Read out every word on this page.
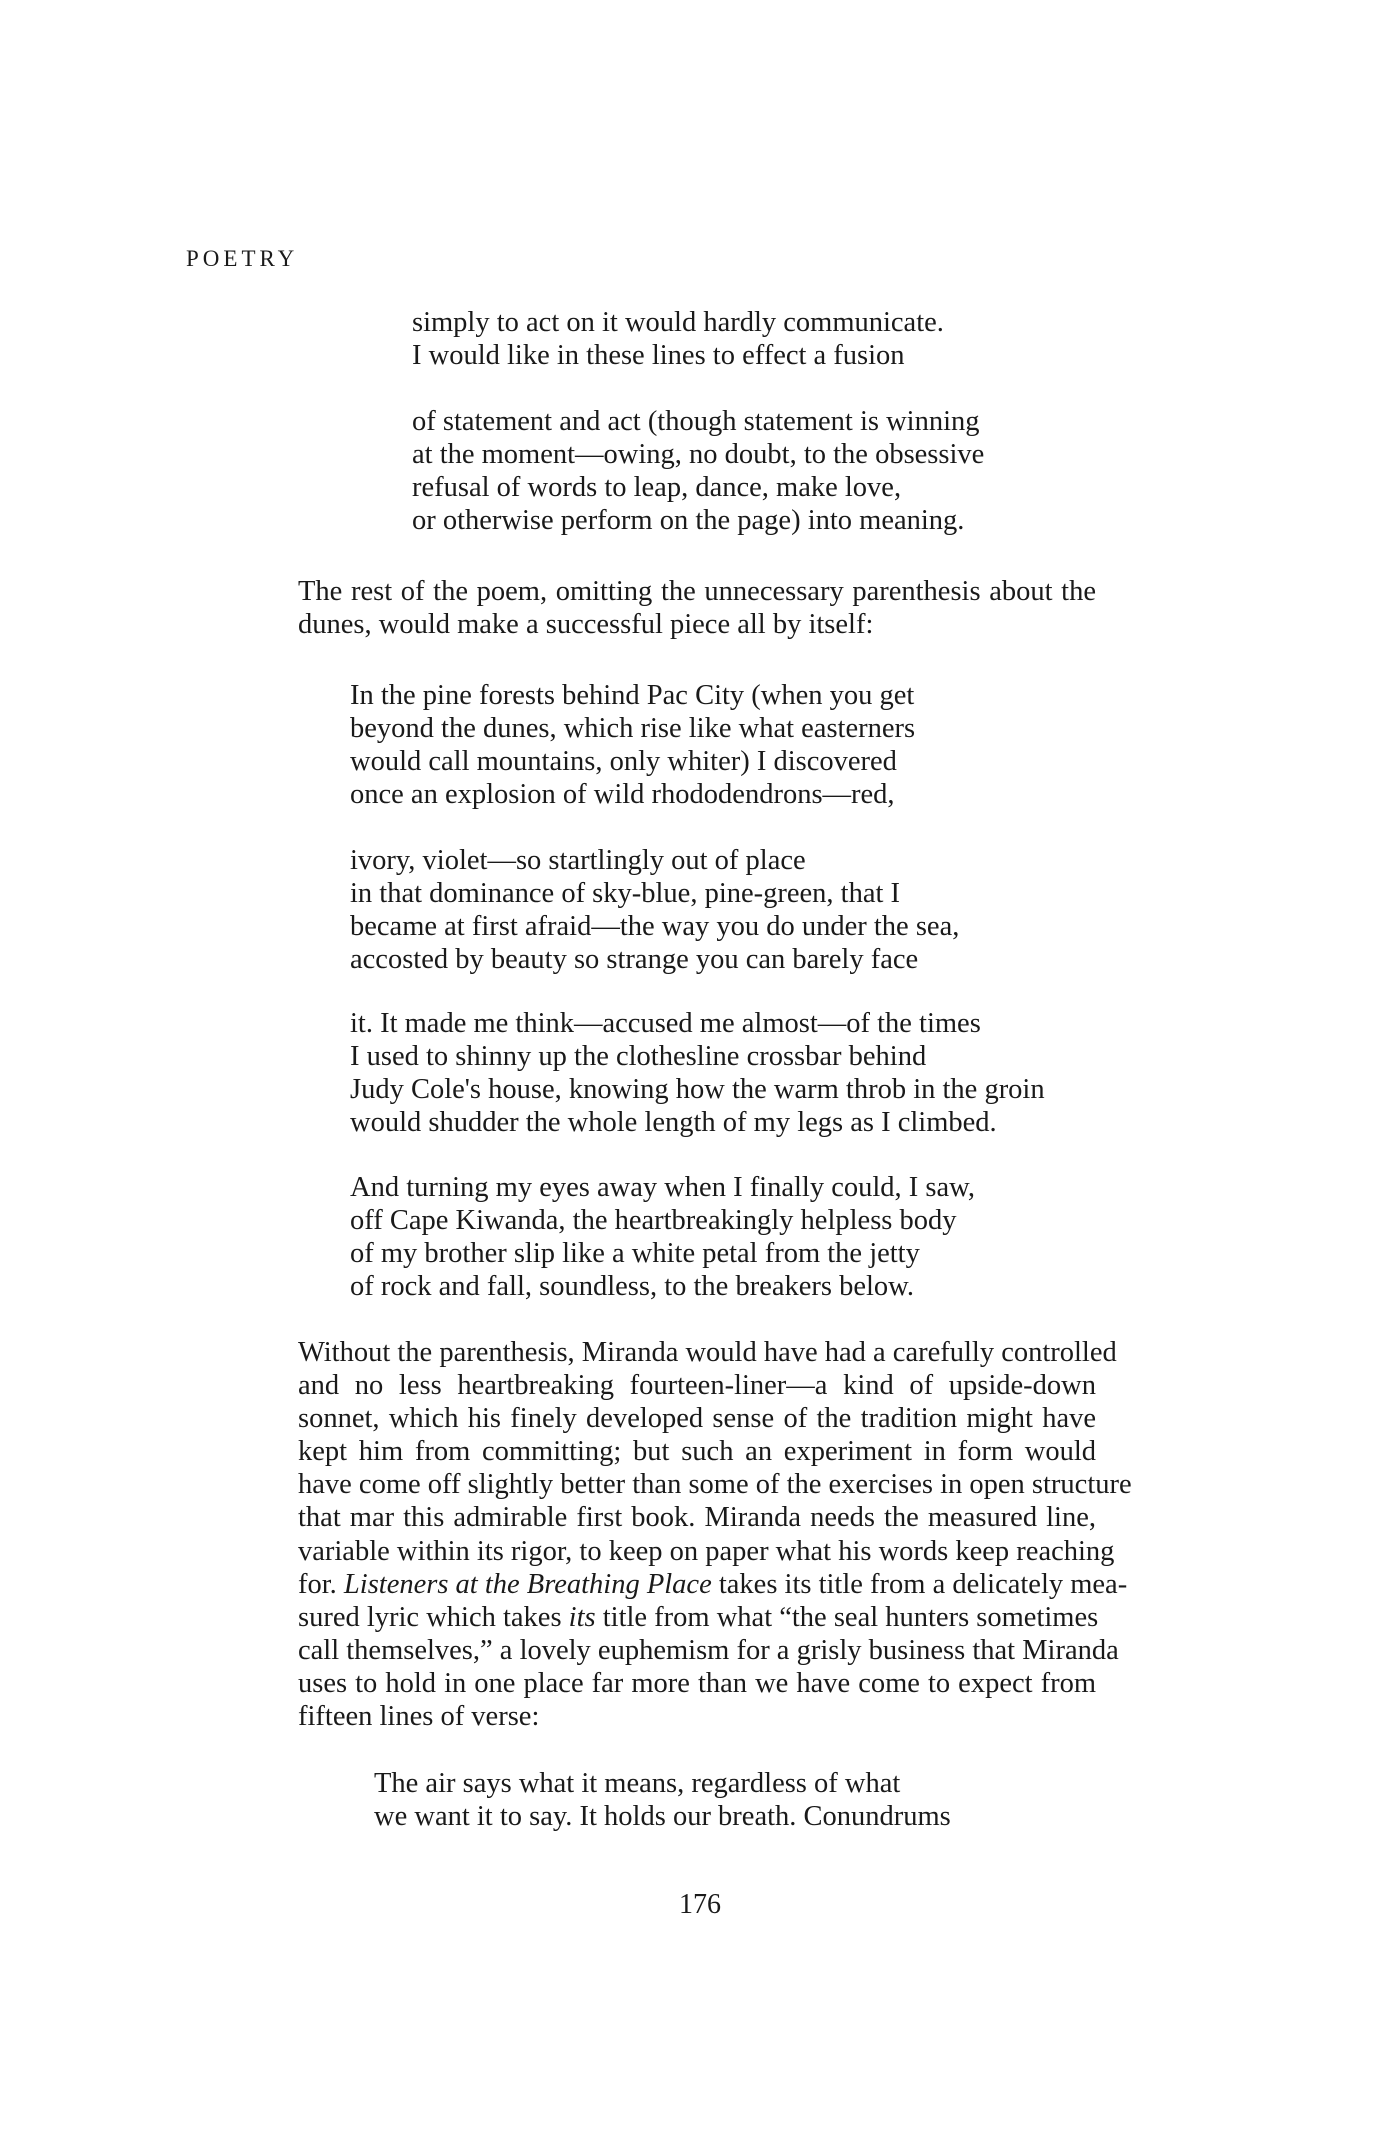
POETRY
simply to act on it would hardly communicate.
I would like in these lines to effect a fusion
of statement and act (though statement is winning
at the moment—owing, no doubt, to the obsessive
refusal of words to leap, dance, make love,
or otherwise perform on the page) into meaning.
The rest of the poem, omitting the unnecessary parenthesis about the
dunes, would make a successful piece all by itself:
In the pine forests behind Pac City (when you get
beyond the dunes, which rise like what easterners
would call mountains, only whiter) I discovered
once an explosion of wild rhododendrons—red,
ivory, violet—so startlingly out of place
in that dominance of sky-blue, pine-green, that I
became at first afraid—the way you do under the sea,
accosted by beauty so strange you can barely face
it. It made me think—accused me almost—of the times
I used to shinny up the clothesline crossbar behind
Judy Cole's house, knowing how the warm throb in the groin
would shudder the whole length of my legs as I climbed.
And turning my eyes away when I finally could, I saw,
off Cape Kiwanda, the heartbreakingly helpless body
of my brother slip like a white petal from the jetty
of rock and fall, soundless, to the breakers below.
Without the parenthesis, Miranda would have had a carefully controlled
and no less heartbreaking fourteen-liner—a kind of upside-down
sonnet, which his finely developed sense of the tradition might have
kept him from committing; but such an experiment in form would
have come off slightly better than some of the exercises in open structure
that mar this admirable first book. Miranda needs the measured line,
variable within its rigor, to keep on paper what his words keep reaching
for. Listeners at the Breathing Place takes its title from a delicately mea-
sured lyric which takes its title from what “the seal hunters sometimes
call themselves,” a lovely euphemism for a grisly business that Miranda
uses to hold in one place far more than we have come to expect from
fifteen lines of verse:
The air says what it means, regardless of what
we want it to say. It holds our breath. Conundrums
176
